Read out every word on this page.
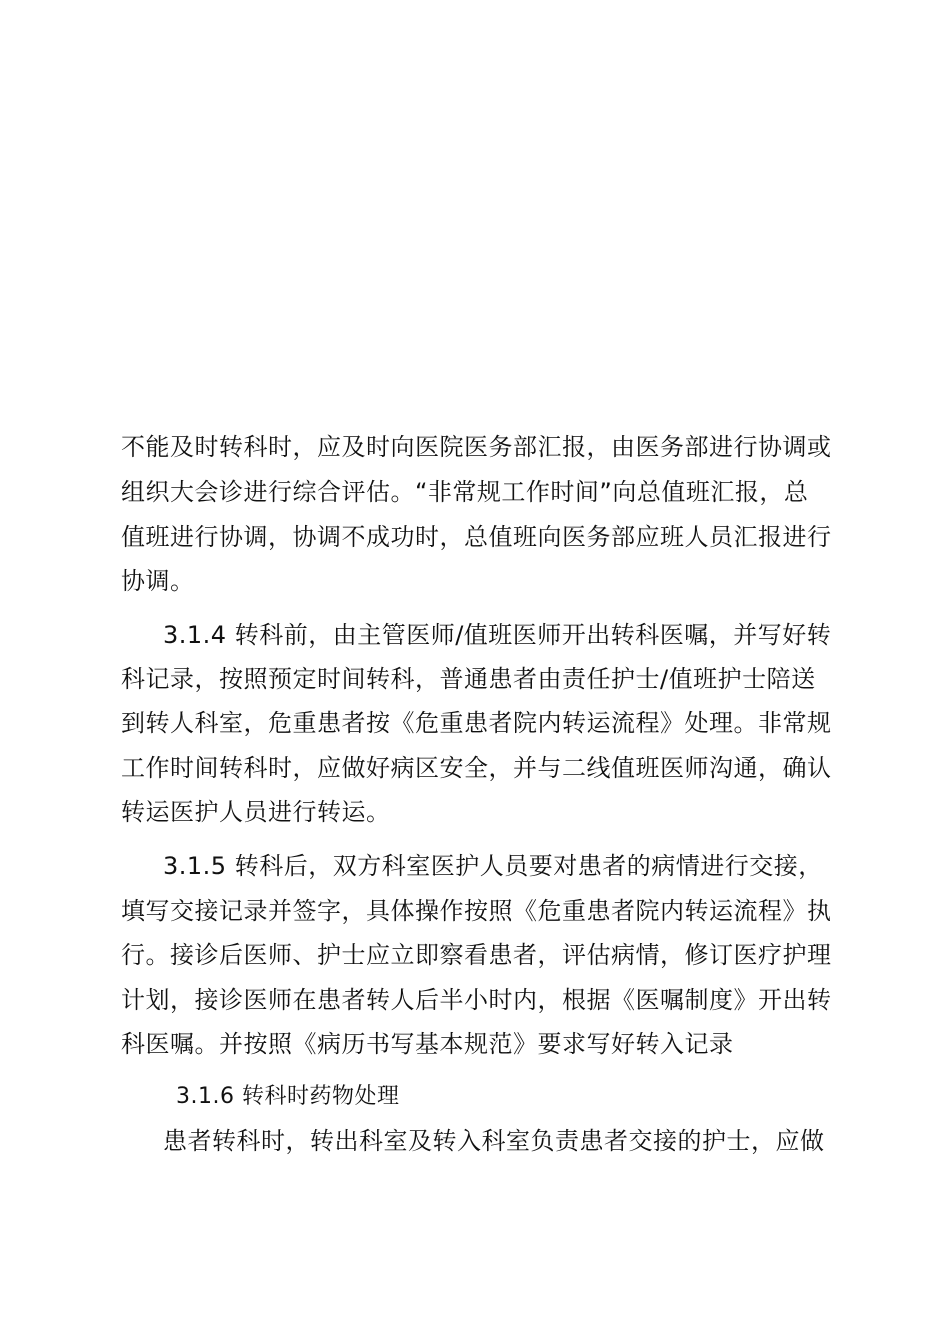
不能及时转科时，应及时向医院医务部汇报，由医务部进行协调或
组织大会诊进行综合评估。“非常规工作时间”向总值班汇报，总
值班进行协调，协调不成功时，总值班向医务部应班人员汇报进行
协调。
3.1.4 转科前，由主管医师/值班医师开出转科医嘱，并写好转
科记录，按照预定时间转科，普通患者由责任护士/值班护士陪送
到转人科室，危重患者按《危重患者院内转运流程》处理。非常规
工作时间转科时，应做好病区安全，并与二线值班医师沟通，确认
转运医护人员进行转运。
3.1.5 转科后，双方科室医护人员要对患者的病情进行交接，
填写交接记录并签字，具体操作按照《危重患者院内转运流程》执
行。接诊后医师、护士应立即察看患者，评估病情，修订医疗护理
计划，接诊医师在患者转人后半小时内，根据《医嘱制度》开出转
科医嘱。并按照《病历书写基本规范》要求写好转入记录
3.1.6 转科时药物处理
患者转科时，转出科室及转入科室负责患者交接的护士，应做
